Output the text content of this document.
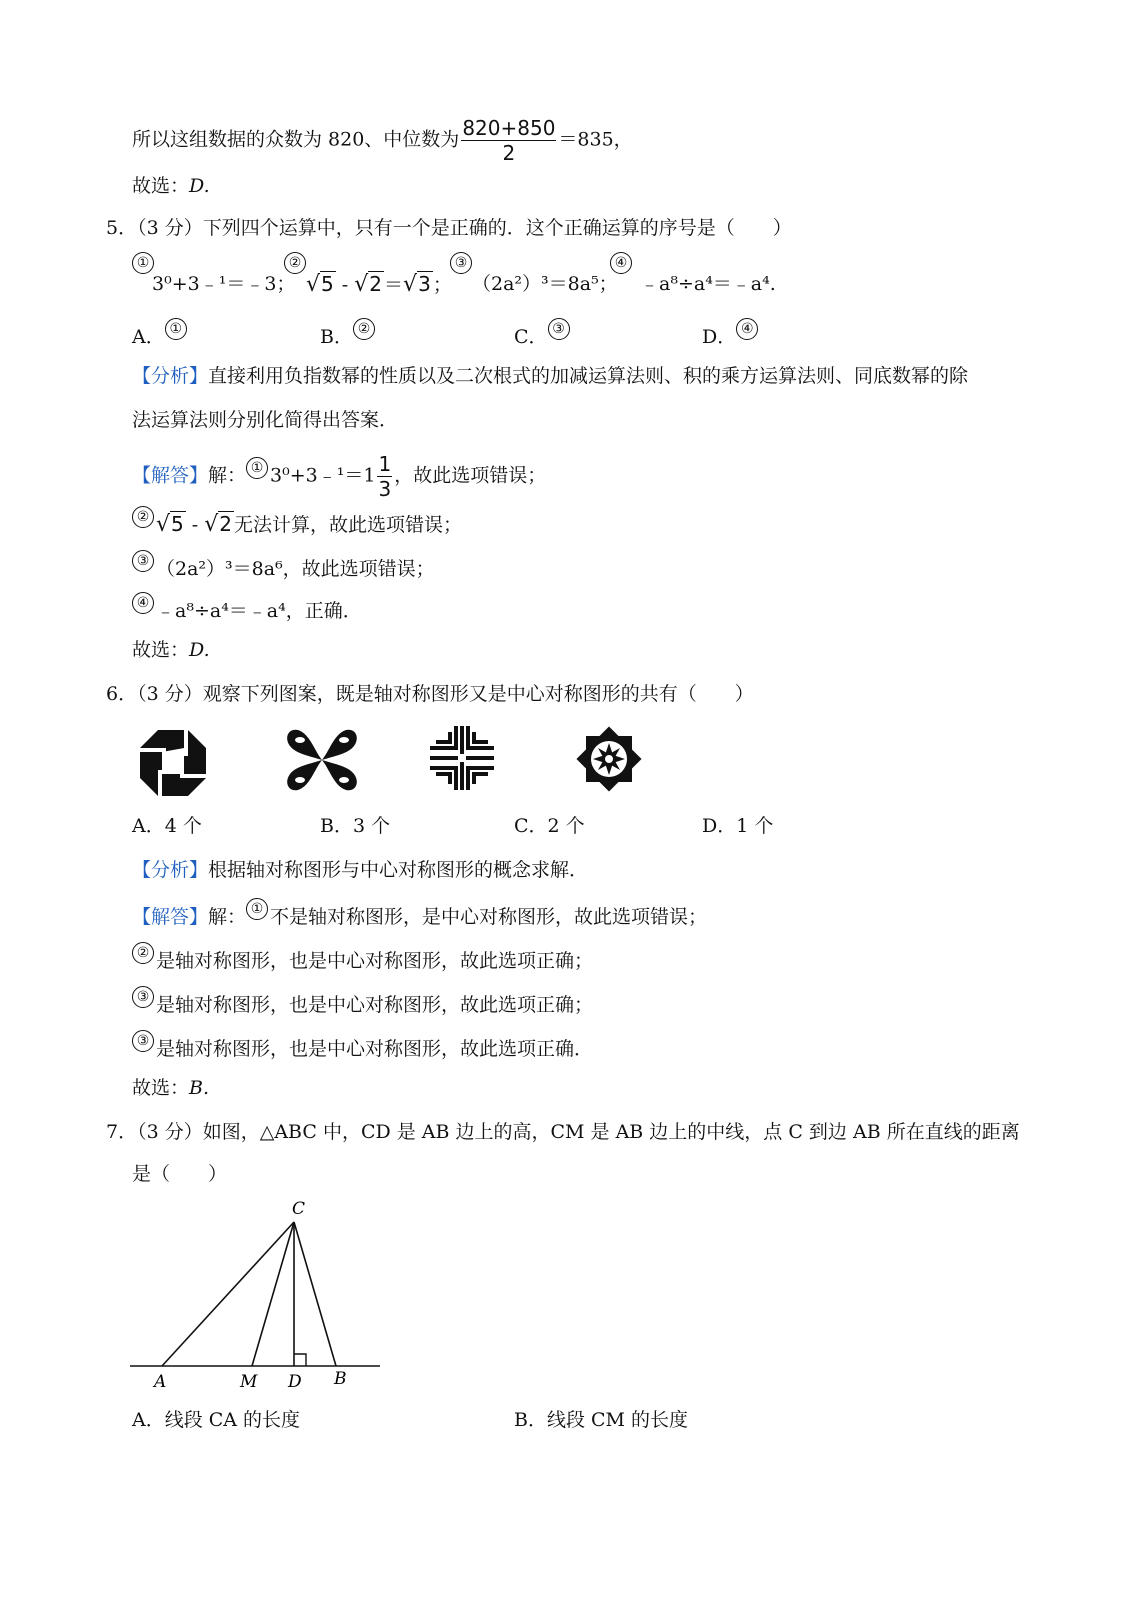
所以这组数据的众数为 820、中位数为 $\frac{820+850}{2} =835$，
故选：D.
5．（3 分）下列四个运算中，只有一个是正确的．这个正确运算的序号是（　　）
①
3⁰+3﹣¹＝﹣3；
②
√5 - √2 ＝√3 ；
③
（2a²）³＝8a⁵；
④
﹣a⁸÷a⁴＝﹣a⁴.
A． ①	B． ②	C． ③	D． ④
【分析】直接利用负指数幂的性质以及二次根式的加减运算法则、积的乘方运算法则、同底数幂的除
法运算法则分别化简得出答案．
【解答】解： ① 3⁰+3﹣¹＝1 $\frac{1}{3}$ ，故此选项错误；
② √5 - √2 无法计算，故此选项错误；
③ （2a²）³＝8a⁶，故此选项错误；
④ ﹣a⁸÷a⁴＝﹣a⁴，正确．
故选：D.
6．（3 分）观察下列图案，既是轴对称图形又是中心对称图形的共有（　　）
A．4 个	B．3 个	C．2 个	D．1 个
【分析】根据轴对称图形与中心对称图形的概念求解．
【解答】解： ① 不是轴对称图形，是中心对称图形，故此选项错误；
② 是轴对称图形，也是中心对称图形，故此选项正确；
③ 是轴对称图形，也是中心对称图形，故此选项正确；
③ 是轴对称图形，也是中心对称图形，故此选项正确．
故选：B.
7．（3 分）如图，△ABC 中，CD 是 AB 边上的高，CM 是 AB 边上的中线，点 C 到边 AB 所在直线的距离
是（　　）
C
A	M D B
A．线段 CA 的长度	B．线段 CM 的长度
